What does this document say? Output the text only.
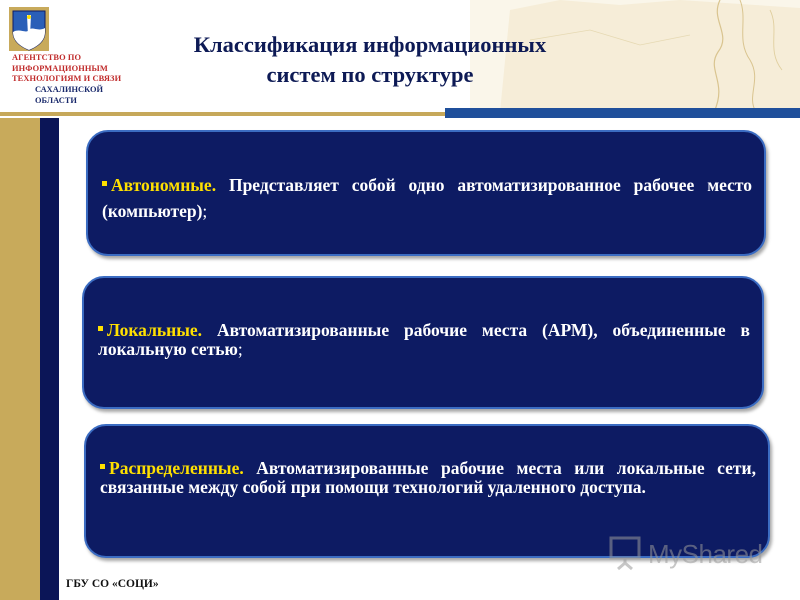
АГЕНТСТВО ПО
ИНФОРМАЦИОННЫМ
ТЕХНОЛОГИЯМ И СВЯЗИ
САХАЛИНСКОЙ
ОБЛАСТИ
Классификация информационных
систем по структуре
Автономные. Представляет собой одно автоматизированное рабочее место (компьютер);
Локальные. Автоматизированные рабочие места (АРМ), объединенные в локальную сетью;
Распределенные. Автоматизированные рабочие места или локальные сети, связанные между собой при помощи технологий удаленного доступа.
ГБУ СО «СОЦИ»
MyShared
